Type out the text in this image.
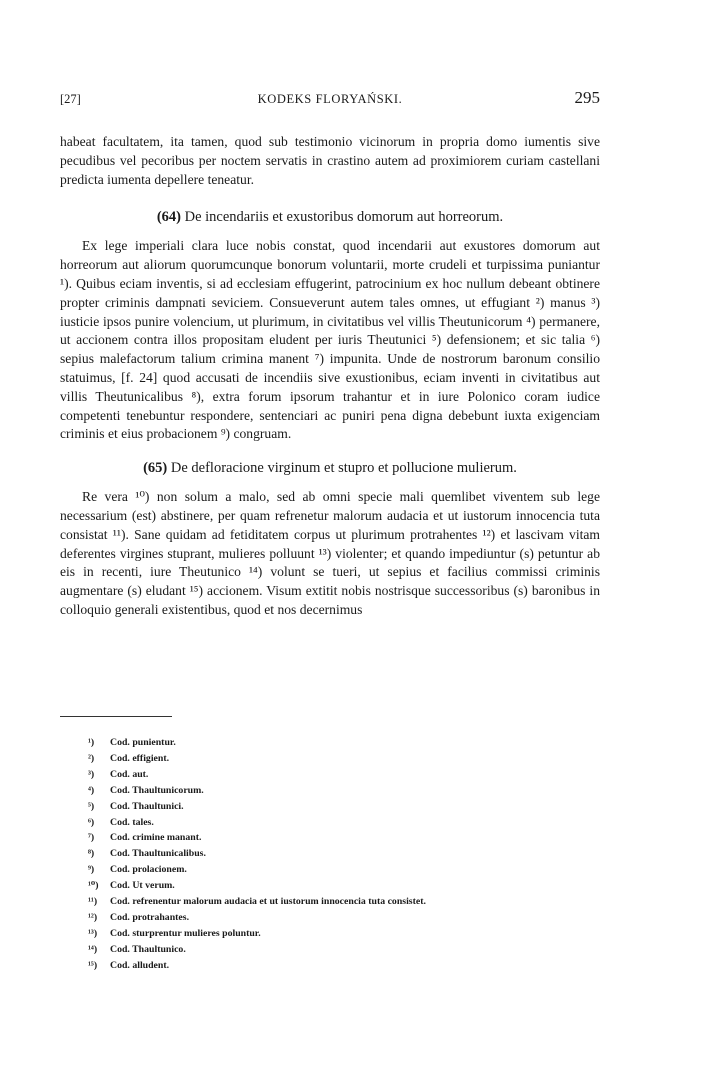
[27]	KODEKS FLORYAŃSKI.	295

habeat facultatem, ita tamen, quod sub testimonio vicinorum in propria domo iumentis sive pecudibus vel pecoribus per noctem servatis in crastino autem ad proximiorem curiam castellani predicta iumenta depellere teneatur.

(64) De incendariis et exustoribus domorum aut horreorum.

Ex lege imperiali clara luce nobis constat, quod incendarii aut exustores domorum aut horreorum aut aliorum quorumcunque bonorum voluntarii, morte crudeli et turpissima puniantur ¹). Quibus eciam inventis, si ad ecclesiam effugerint, patrocinium ex hoc nullum debeant obtinere propter criminis dampnati seviciem. Consueverunt autem tales omnes, ut effugiant ²) manus ³) iusticie ipsos punire volencium, ut plurimum, in civitatibus vel villis Theutunicorum ⁴) permanere, ut accionem contra illos propositam eludent per iuris Theutunici ⁵) defensionem; et sic talia ⁶) sepius malefactorum talium crimina manent ⁷) impunita. Unde de nostrorum baronum consilio statuimus, [f. 24] quod accusati de incendiis sive exustionibus, eciam inventi in civitatibus aut villis Theutunicalibus ⁸), extra forum ipsorum trahantur et in iure Polonico coram iudice competenti tenebuntur respondere, sentenciari ac puniri pena digna debebunt iuxta exigenciam criminis et eius probacionem ⁹) congruam.

(65) De defloracione virginum et stupro et pollucione mulierum.

Re vera ¹⁰) non solum a malo, sed ab omni specie mali quemlibet viventem sub lege necessarium (est) abstinere, per quam refrenetur malorum audacia et ut iustorum innocencia tuta consistat ¹¹). Sane quidam ad fetiditatem corpus ut plurimum protrahentes ¹²) et lascivam vitam deferentes virgines stuprant, mulieres polluunt ¹³) violenter; et quando impediuntur (s) petuntur ab eis in recenti, iure Theutunico ¹⁴) volunt se tueri, ut sepius et facilius commissi criminis augmentare (s) eludant ¹⁵) accionem. Visum extitit nobis nostrisque successoribus (s) baronibus in colloquio generali existentibus, quod et nos decernimus

¹) Cod. punientur.
²) Cod. effigient.
³) Cod. aut.
⁴) Cod. Thaultunicorum.
⁵) Cod. Thaultunici.
⁶) Cod. tales.
⁷) Cod. crimine manant.
⁸) Cod. Thaultunicalibus.
⁹) Cod. prolacionem.
¹⁰) Cod. Ut verum.
¹¹) Cod. refrenentur malorum audacia et ut iustorum innocencia tuta consistet.
¹²) Cod. protrahantes.
¹³) Cod. sturprentur mulieres poluntur.
¹⁴) Cod. Thaultunico.
¹⁵) Cod. alludent.
